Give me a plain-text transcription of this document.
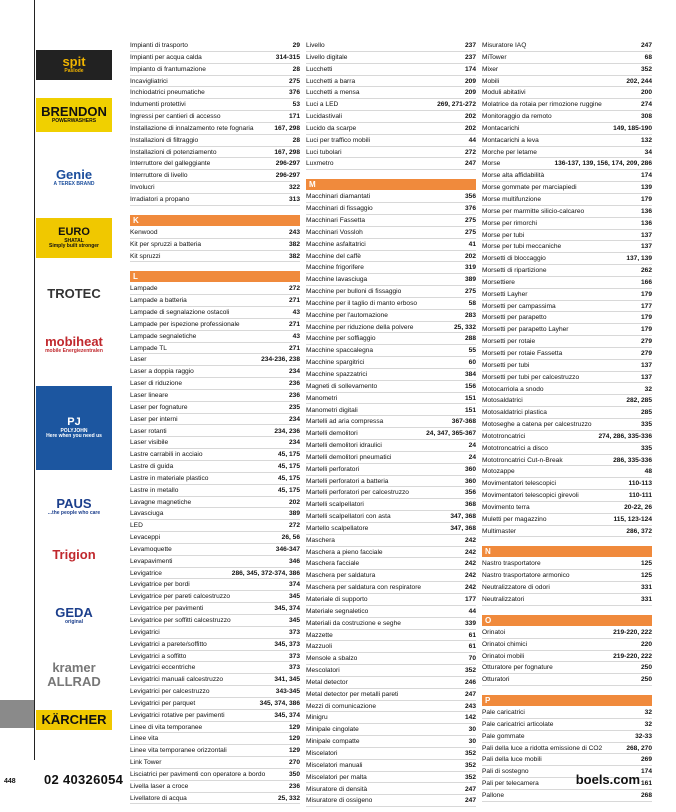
spit
Paslode
BRENDON
POWERWASHERS
Genie
A TEREX BRAND
EURO
SHATAL
Simply built stronger
TROTEC
mobiheat
mobile Energiezentralen
PJ
POLYJOHN
Here when you need us
PAUS
...the people who care
Trigion
GEDA
original
kramer ALLRAD
KÄRCHER
Impianti di trasporto	29
Impianti per acqua calda	314-315
Impianto di frantumazione	28
Incavigliatrici	275
Inchiodatrici pneumatiche	376
Indumenti protettivi	53
Ingressi per cantieri di accesso	171
Installazione di innalzamento rete fognaria	167, 298
Installazioni di filtraggio	28
Installazioni di potenziamento	167, 298
Interruttore del galleggiante	296-297
Interruttore di livello	296-297
Involucri	322
Irradiatori a propano	313
K
Kenwood	243
Kit per spruzzi a batteria	382
Kit spruzzi	382
L
Lampade	272
Lampade a batteria	271
Lampade di segnalazione ostacoli	43
Lampade per ispezione professionale	271
Lampade segnaletiche	43
Lampade TL	271
Laser	234-236, 238
Laser a doppia raggio	234
Laser di riduzione	236
Laser lineare	236
Laser per fognature	235
Laser per interni	234
Laser rotanti	234, 236
Laser visibile	234
Lastre carrabili in acciaio	45, 175
Lastre di guida	45, 175
Lastre in materiale plastico	45, 175
Lastre in metallo	45, 175
Lavagne magnetiche	202
Lavasciuga	389
LED	272
Levaceppi	26, 56
Levamoquette	346-347
Levapavimenti	346
Levigatrice	286, 345, 372-374, 386
Levigatrice per bordi	374
Levigatrice per pareti calcestruzzo	345
Levigatrice per pavimenti	345, 374
Levigatrice per soffitti calcestruzzo	345
Levigatrici	373
Levigatrici a parete/soffitto	345, 373
Levigatrici a soffitto	373
Levigatrici eccentriche	373
Levigatrici manuali calcestruzzo	341, 345
Levigatrici per calcestruzzo	343-345
Levigatrici per parquet	345, 374, 386
Levigatrici rotative per pavimenti	345, 374
Linee di vita temporanee	129
Linee vita	129
Linee vita temporanee orizzontali	129
Link Tower	270
Lisciatrici per pavimenti con operatore a bordo	350
Livella laser a croce	236
Livellatore di acqua	25, 332
Livello	237
Livello digitale	237
Lucchetti	174
Lucchetti a barra	209
Lucchetti a mensa	209
Luci a LED	269, 271-272
Lucidastivali	202
Lucido da scarpe	202
Luci per traffico mobili	44
Luci tubolari	272
Luxmetro	247
M
Macchinari diamantati	356
Macchinari di fissaggio	376
Macchinari Fassetta	275
Macchinari Vossloh	275
Macchine asfaltatrici	41
Macchine del caffè	202
Macchine frigorifere	319
Macchine lavasciuga	389
Macchine per bulloni di fissaggio	275
Macchine per il taglio di manto erboso	58
Macchine per l'automazione	283
Macchine per riduzione della polvere	25, 332
Macchine per soffiaggio	288
Macchine spaccalegna	55
Macchine spargitrici	60
Macchine spazzatrici	384
Magneti di sollevamento	156
Manometri	151
Manometri digitali	151
Martelli ad aria compressa	367-368
Martelli demolitori	24, 347, 365-367
Martelli demolitori idraulici	24
Martelli demolitori pneumatici	24
Martelli perforatori	360
Martelli perforatori a batteria	360
Martelli perforatori per calcestruzzo	356
Martelli scalpellatori	368
Martelli scalpellatori con asta	347, 368
Martello scalpellatore	347, 368
Maschera	242
Maschera a pieno facciale	242
Maschera facciale	242
Maschera per saldatura	242
Maschera per saldatura con respiratore	242
Materiale di supporto	177
Materiale segnaletico	44
Materiali da costruzione e seghe	339
Mazzette	61
Mazzuoli	61
Mensole a sbalzo	70
Mescolatori	352
Metal detector	246
Metal detector per metalli pareti	247
Mezzi di comunicazione	243
Minigru	142
Minipale cingolate	30
Minipale compatte	30
Miscelatori	352
Miscelatori manuali	352
Miscelatori per malta	352
Misuratore di densità	247
Misuratore di ossigeno	247
Misuratore IAQ	247
MiTower	68
Mixer	352
Mobili	202, 244
Moduli abitativi	200
Molatrice da rotaia per rimozione ruggine	274
Monitoraggio da remoto	308
Montacarichi	149, 185-190
Montacarichi a leva	132
Morche per letame	34
Morse	136-137, 139, 156, 174, 209, 286
Morse alta affidabilità	174
Morse gommate per marciapiedi	139
Morse multifunzione	179
Morse per marmitte silicio-calcareo	136
Morse per rimorchi	136
Morse per tubi	137
Morse per tubi meccaniche	137
Morsetti di bloccaggio	137, 139
Morsetti di ripartizione	262
Morsettiere	166
Morsetti Layher	179
Morsetti per campassima	177
Morsetti per parapetto	179
Morsetti per parapetto Layher	179
Morsetti per rotaie	279
Morsetti per rotaie Fassetta	279
Morsetti per tubi	137
Morsetti per tubi per calcestruzzo	137
Motocarriola a snodo	32
Motosaldatrici	282, 285
Motosaldatrici plastica	285
Motoseghe a catena per calcestruzzo	335
Mototroncatrici	274, 286, 335-336
Mototroncatrici a disco	335
Mototroncatrici Cut-n-Break	286, 335-336
Motozappe	48
Movimentatori telescopici	110-113
Movimentatori telescopici girevoli	110-111
Movimento terra	20-22, 26
Muletti per magazzino	115, 123-124
Multimaster	286, 372
N
Nastro trasportatore	125
Nastro trasportatore armonico	125
Neutralizzatore di odori	331
Neutralizzatori	331
O
Orinatoi	219-220, 222
Orinatoi chimici	220
Orinatoi mobili	219-220, 222
Otturatore per fognature	250
Otturatori	250
P
Pale caricatrici	32
Pale caricatrici articolate	32
Pale gommate	32-33
Pali della luce a ridotta emissione di CO2	268, 270
Pali della luce mobili	269
Pali di sostegno	174
Pali per telecamera	161
Pallone	268
448 02 40326054	boels.com
